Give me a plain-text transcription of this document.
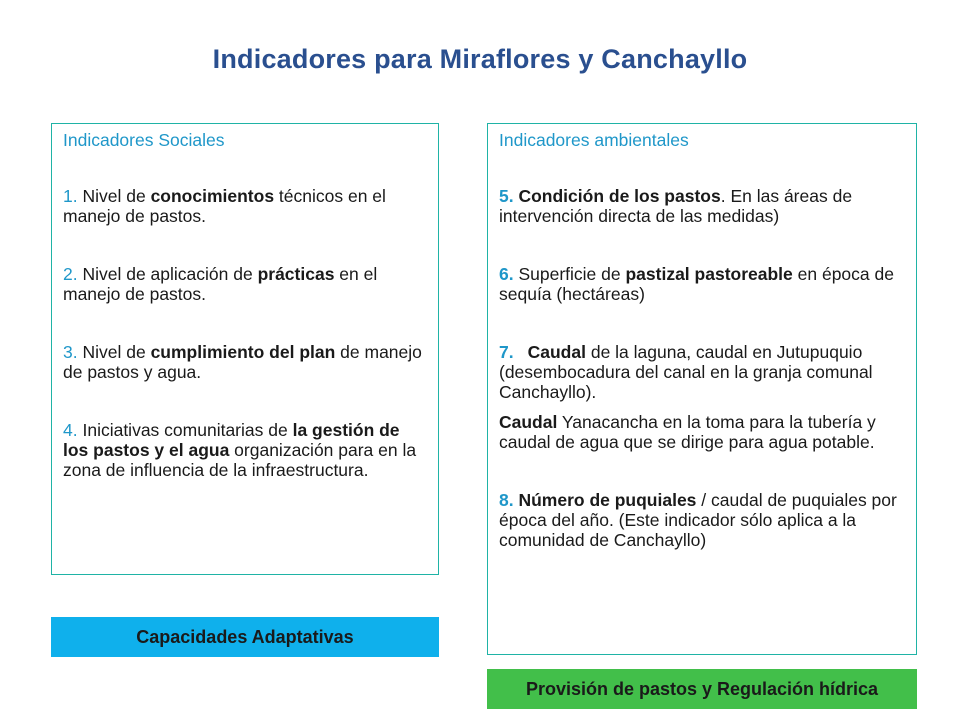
Indicadores para Miraflores y Canchayllo
Indicadores Sociales
1. Nivel de conocimientos técnicos en el manejo de pastos.
2. Nivel de aplicación de prácticas en el manejo de pastos.
3. Nivel de cumplimiento del plan de manejo de pastos y agua.
4. Iniciativas comunitarias de la gestión de los pastos y el agua organización para en la zona de influencia de la infraestructura.
Indicadores ambientales
5. Condición de los pastos. En las áreas de intervención directa de las medidas)
6. Superficie de pastizal pastoreable en época de sequía (hectáreas)
7. Caudal de la laguna, caudal en Jutupuquio (desembocadura del canal en la granja comunal Canchayllo).
Caudal Yanacancha en la toma para la tubería y caudal de agua que se dirige para agua potable.
8. Número de puquiales / caudal de puquiales por época del año. (Este indicador sólo aplica a la comunidad de Canchayllo)
Capacidades Adaptativas
Provisión de pastos y Regulación hídrica
